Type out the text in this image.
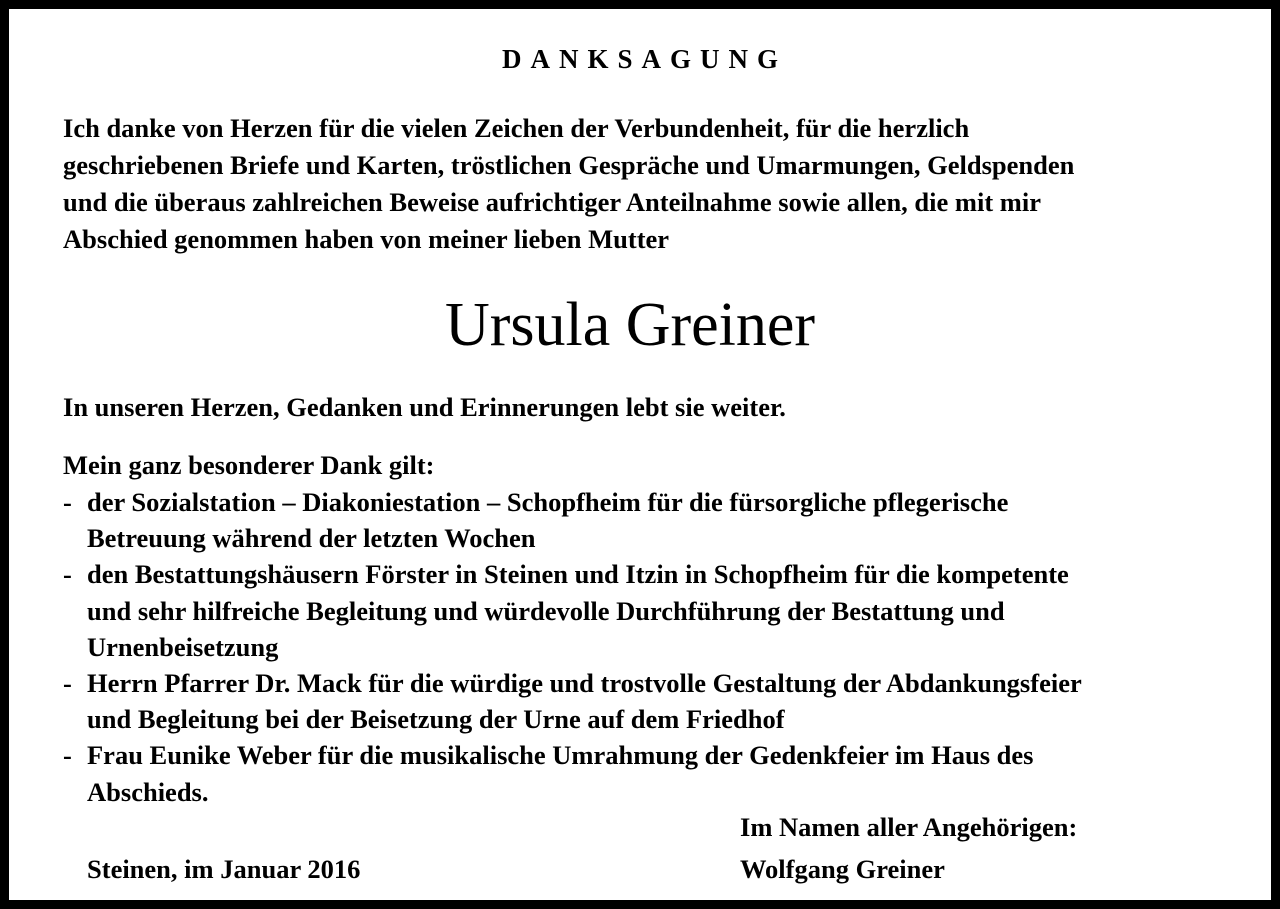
DANKSAGUNG

Ich danke von Herzen für die vielen Zeichen der Verbundenheit, für die herzlich
geschriebenen Briefe und Karten, tröstlichen Gespräche und Umarmungen, Geldspenden
und die überaus zahlreichen Beweise aufrichtiger Anteilnahme sowie allen, die mit mir
Abschied genommen haben von meiner lieben Mutter

Ursula Greiner
In unseren Herzen, Gedanken und Erinnerungen lebt sie weiter.
Mein ganz besonderer Dank gilt:
- der Sozialstation – Diakoniestation – Schopfheim für die fürsorgliche pflegerische
Betreuung während der letzten Wochen
- den Bestattungshäusern Förster in Steinen und Itzin in Schopfheim für die kompetente
und sehr hilfreiche Begleitung und würdevolle Durchführung der Bestattung und
Urnenbeisetzung
- Herrn Pfarrer Dr. Mack für die würdige und trostvolle Gestaltung der Abdankungsfeier
und Begleitung bei der Beisetzung der Urne auf dem Friedhof
- Frau Eunike Weber für die musikalische Umrahmung der Gedenkfeier im Haus des
Abschieds.
Im Namen aller Angehörigen:
Steinen, im Januar 2016	Wolfgang Greiner
